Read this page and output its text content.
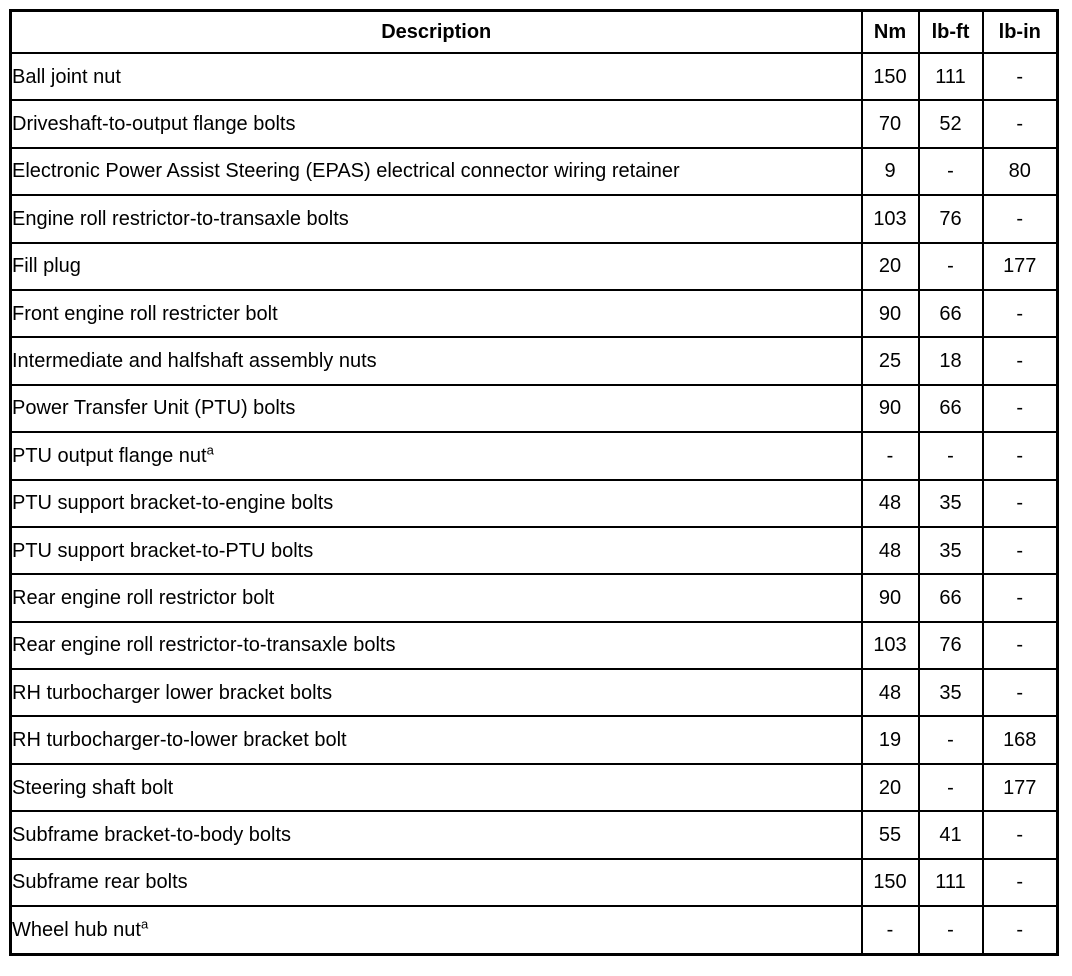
Description	Nm	lb-ft	lb-in
Ball joint nut	150	111	-
Driveshaft-to-output flange bolts	70	52	-
Electronic Power Assist Steering (EPAS) electrical connector wiring retainer	9	-	80
Engine roll restrictor-to-transaxle bolts	103	76	-
Fill plug	20	-	177
Front engine roll restricter bolt	90	66	-
Intermediate and halfshaft assembly nuts	25	18	-
Power Transfer Unit (PTU) bolts	90	66	-
PTU output flange nut$^a$	-	-	-
PTU support bracket-to-engine bolts	48	35	-
PTU support bracket-to-PTU bolts	48	35	-
Rear engine roll restrictor bolt	90	66	-
Rear engine roll restrictor-to-transaxle bolts	103	76	-
RH turbocharger lower bracket bolts	48	35	-
RH turbocharger-to-lower bracket bolt	19	-	168
Steering shaft bolt	20	-	177
Subframe bracket-to-body bolts	55	41	-
Subframe rear bolts	150	111	-
Wheel hub nut$^a$	-	-	-
